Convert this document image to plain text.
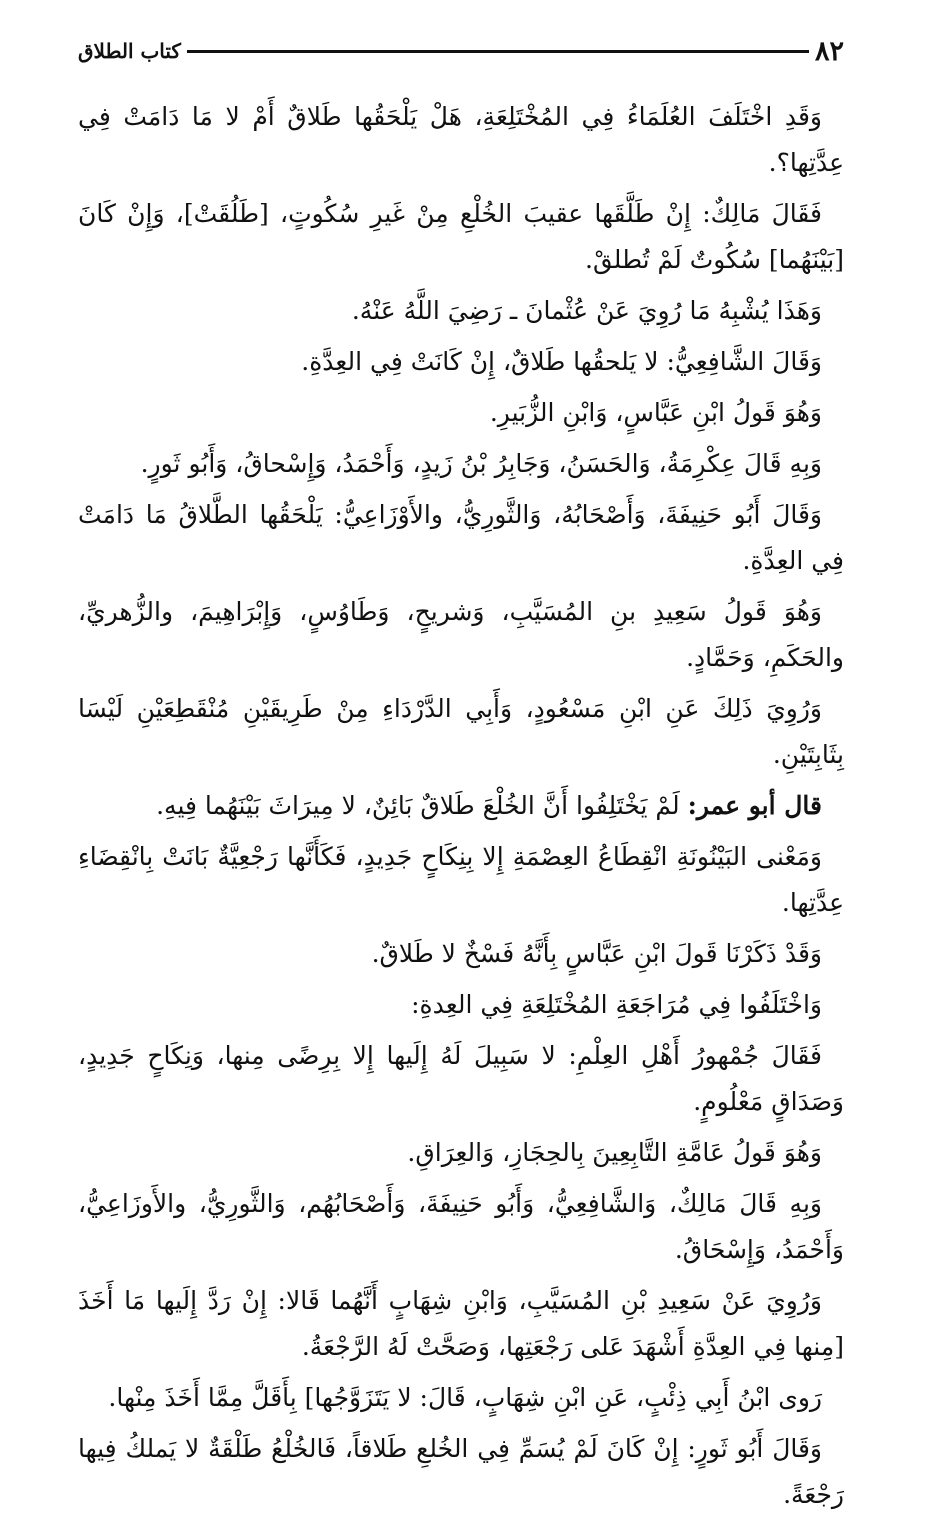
٨٢
كتاب الطلاق

وَقَدِ اخْتَلَفَ العُلَمَاءُ فِي المُخْتَلِعَةِ، هَلْ يَلْحَقُها طَلاقٌ أَمْ لا مَا دَامَتْ فِي عِدَّتِها؟.

فَقَالَ مَالِكٌ: إِنْ طَلَّقَها عقيبَ الخُلْعِ مِنْ غَيرِ سُكُوتٍ، [طَلُقَتْ]، وَإِنْ كَانَ [بَيْنَهُما] سُكُوتٌ لَمْ تُطلقْ.

وَهَذَا يُشْبِهُ مَا رُوِيَ عَنْ عُثْمانَ ـ رَضِيَ اللَّهُ عَنْهُ.

وَقَالَ الشَّافِعِيُّ: لا يَلحقُها طَلاقٌ، إِنْ كَانَتْ فِي العِدَّةِ.

وَهُوَ قَولُ ابْنِ عَبَّاسٍ، وَابْنِ الزُّبَيرِ.

وَبِهِ قَالَ عِكْرِمَةُ، وَالحَسَنُ، وَجَابِرُ بْنُ زَيدٍ، وَأَحْمَدُ، وَإِسْحاقُ، وَأَبُو ثَورٍ.

وَقَالَ أَبُو حَنِيفَةَ، وَأَصْحَابُهُ، وَالثَّورِيُّ، والأَوْزَاعِيُّ: يَلْحَقُها الطَّلاقُ مَا دَامَتْ فِي العِدَّةِ.

وَهُوَ قَولُ سَعِيدِ بنِ المُسَيَّبِ، وَشريحٍ، وَطَاوُسٍ، وَإِبْرَاهِيمَ، والزُّهريِّ، والحَكَمِ، وَحَمَّادٍ.

وَرُوِيَ ذَلِكَ عَنِ ابْنِ مَسْعُودٍ، وَأَبِي الدَّرْدَاءِ مِنْ طَرِيقَيْنِ مُنْقَطِعَيْنِ لَيْسَا بِثَابِتَيْنِ.

قال أبو عمر: لَمْ يَخْتَلِفُوا أَنَّ الخُلْعَ طَلاقٌ بَائِنٌ، لا مِيرَاثَ بَيْنَهُما فِيهِ.

وَمَعْنى البَيْنُونَةِ انْقِطَاعُ العِصْمَةِ إِلا بِنِكَاحٍ جَدِيدٍ، فَكَأَنَّها رَجْعِيَّةٌ بَانَتْ بِانْقِضَاءِ عِدَّتِها.

وَقَدْ ذَكَرْنَا قَولَ ابْنِ عَبَّاسٍ بِأَنَّهُ فَسْخٌ لا طَلاقٌ.

وَاخْتَلَفُوا فِي مُرَاجَعَةِ المُخْتَلِعَةِ فِي العِدةِ:

فَقَالَ جُمْهورُ أَهْلِ العِلْمِ: لا سَبِيلَ لَهُ إِلَيها إِلا بِرِضًى مِنها، وَنِكَاحٍ جَدِيدٍ، وَصَدَاقٍ مَعْلُومٍ.

وَهُوَ قَولُ عَامَّةِ التَّابِعِينَ بِالحِجَازِ، وَالعِرَاقِ.

وَبِهِ قَالَ مَالِكٌ، وَالشَّافِعِيُّ، وَأَبُو حَنِيفَةَ، وَأَصْحَابُهُم، وَالثَّورِيُّ، والأَوزَاعِيُّ، وَأَحْمَدُ، وَإِسْحَاقُ.

وَرُوِيَ عَنْ سَعِيدِ بْنِ المُسَيَّبِ، وَابْنِ شِهَابٍ أَنَّهُما قَالا: إِنْ رَدَّ إِلَيها مَا أَخَذَ [مِنها فِي العِدَّةِ أَشْهَدَ عَلى رَجْعَتِها، وَصَحَّتْ لَهُ الرَّجْعَةُ.

رَوى ابْنُ أَبِي ذِئْبٍ، عَنِ ابْنِ شِهَابٍ، قَالَ: لا يَتَزَوَّجُها] بِأَقَلَّ مِمَّا أَخَذَ مِنْها.

وَقَالَ أَبُو ثَورٍ: إِنْ كَانَ لَمْ يُسَمِّ فِي الخُلعِ طَلاقاً، فَالخُلْعُ طَلْقَةٌ لا يَملكُ فِيها رَجْعَةً.
